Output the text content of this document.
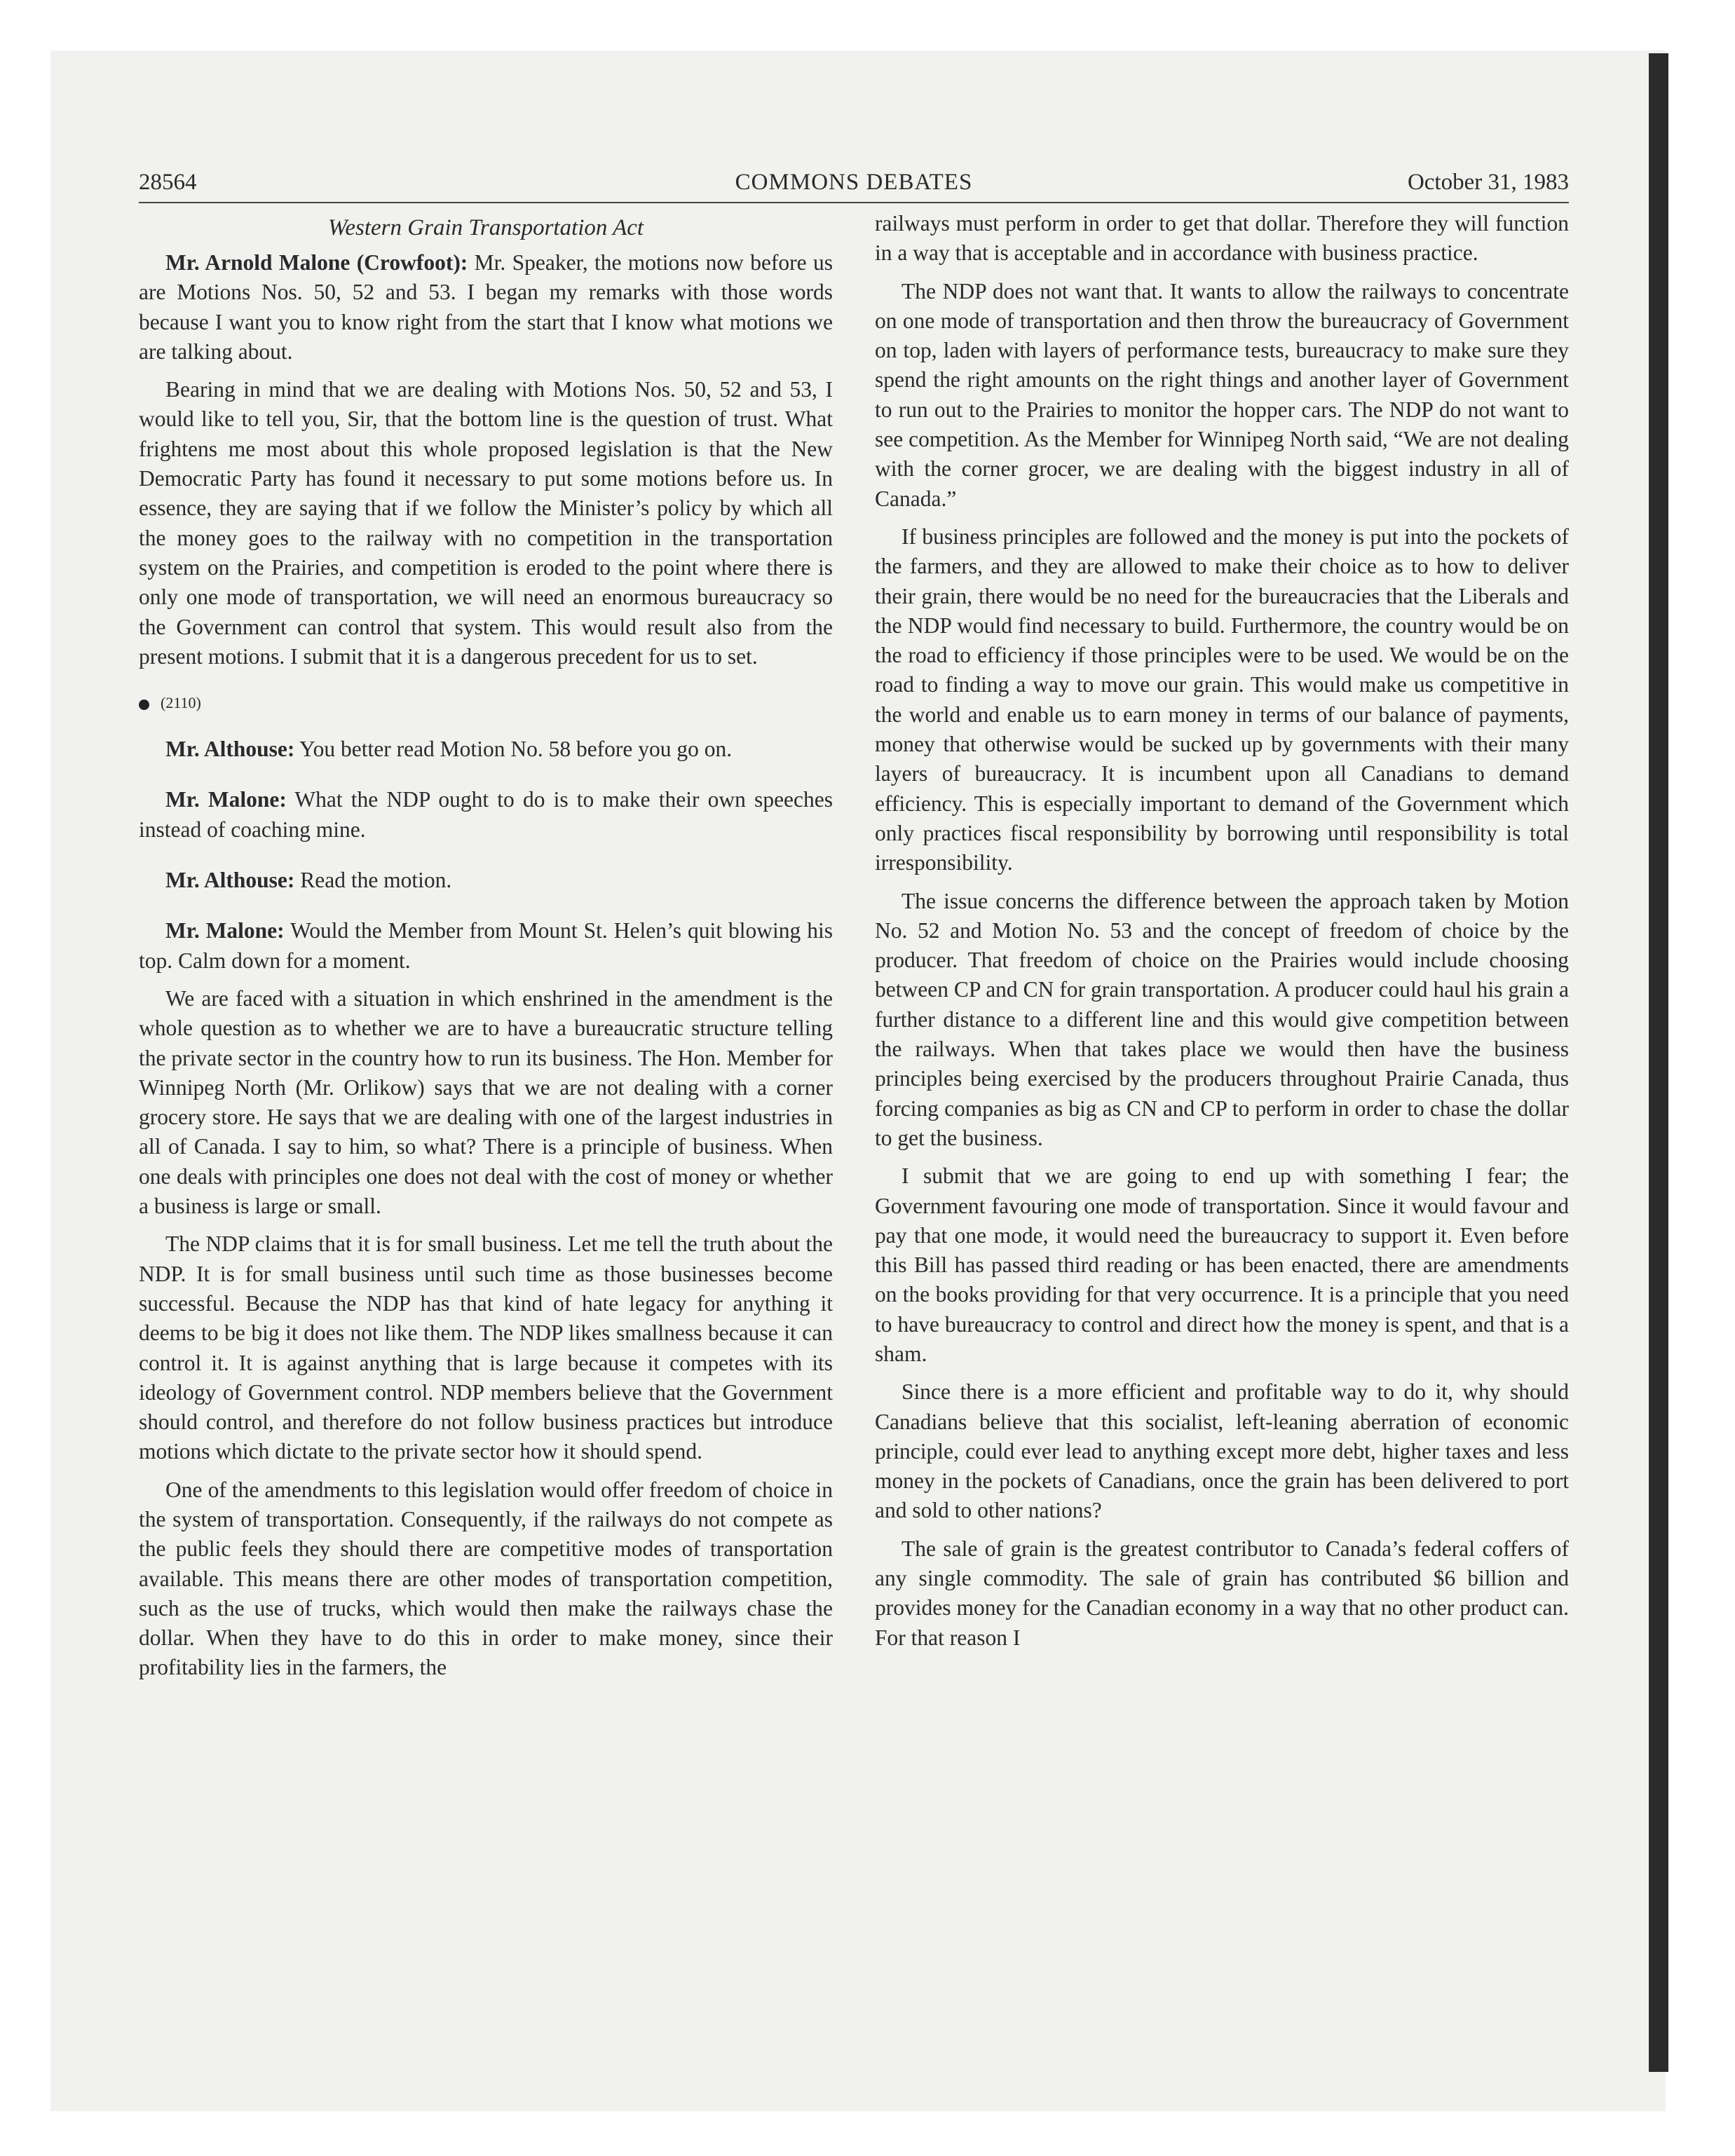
28564	COMMONS DEBATES	October 31, 1983
Western Grain Transportation Act

Mr. Arnold Malone (Crowfoot): Mr. Speaker, the motions now before us are Motions Nos. 50, 52 and 53. I began my remarks with those words because I want you to know right from the start that I know what motions we are talking about.

Bearing in mind that we are dealing with Motions Nos. 50, 52 and 53, I would like to tell you, Sir, that the bottom line is the question of trust. What frightens me most about this whole proposed legislation is that the New Democratic Party has found it necessary to put some motions before us. In essence, they are saying that if we follow the Minister’s policy by which all the money goes to the railway with no competition in the transportation system on the Prairies, and competition is eroded to the point where there is only one mode of transportation, we will need an enormous bureaucracy so the Government can control that system. This would result also from the present motions. I submit that it is a dangerous precedent for us to set.

(2110)

Mr. Althouse: You better read Motion No. 58 before you go on.

Mr. Malone: What the NDP ought to do is to make their own speeches instead of coaching mine.

Mr. Althouse: Read the motion.

Mr. Malone: Would the Member from Mount St. Helen’s quit blowing his top. Calm down for a moment.

We are faced with a situation in which enshrined in the amendment is the whole question as to whether we are to have a bureaucratic structure telling the private sector in the country how to run its business. The Hon. Member for Winnipeg North (Mr. Orlikow) says that we are not dealing with a corner grocery store. He says that we are dealing with one of the largest industries in all of Canada. I say to him, so what? There is a principle of business. When one deals with principles one does not deal with the cost of money or whether a business is large or small.

The NDP claims that it is for small business. Let me tell the truth about the NDP. It is for small business until such time as those businesses become successful. Because the NDP has that kind of hate legacy for anything it deems to be big it does not like them. The NDP likes smallness because it can control it. It is against anything that is large because it competes with its ideology of Government control. NDP members believe that the Government should control, and therefore do not follow business practices but introduce motions which dictate to the private sector how it should spend.

One of the amendments to this legislation would offer freedom of choice in the system of transportation. Consequently, if the railways do not compete as the public feels they should there are competitive modes of transportation available. This means there are other modes of transportation competition, such as the use of trucks, which would then make the railways chase the dollar. When they have to do this in order to make money, since their profitability lies in the farmers, the

railways must perform in order to get that dollar. Therefore they will function in a way that is acceptable and in accordance with business practice.

The NDP does not want that. It wants to allow the railways to concentrate on one mode of transportation and then throw the bureaucracy of Government on top, laden with layers of performance tests, bureaucracy to make sure they spend the right amounts on the right things and another layer of Government to run out to the Prairies to monitor the hopper cars. The NDP do not want to see competition. As the Member for Winnipeg North said, “We are not dealing with the corner grocer, we are dealing with the biggest industry in all of Canada.”

If business principles are followed and the money is put into the pockets of the farmers, and they are allowed to make their choice as to how to deliver their grain, there would be no need for the bureaucracies that the Liberals and the NDP would find necessary to build. Furthermore, the country would be on the road to efficiency if those principles were to be used. We would be on the road to finding a way to move our grain. This would make us competitive in the world and enable us to earn money in terms of our balance of payments, money that otherwise would be sucked up by governments with their many layers of bureaucracy. It is incumbent upon all Canadians to demand efficiency. This is especially important to demand of the Government which only practices fiscal responsibility by borrowing until responsibility is total irresponsibility.

The issue concerns the difference between the approach taken by Motion No. 52 and Motion No. 53 and the concept of freedom of choice by the producer. That freedom of choice on the Prairies would include choosing between CP and CN for grain transportation. A producer could haul his grain a further distance to a different line and this would give competition between the railways. When that takes place we would then have the business principles being exercised by the producers throughout Prairie Canada, thus forcing companies as big as CN and CP to perform in order to chase the dollar to get the business.

I submit that we are going to end up with something I fear; the Government favouring one mode of transportation. Since it would favour and pay that one mode, it would need the bureaucracy to support it. Even before this Bill has passed third reading or has been enacted, there are amendments on the books providing for that very occurrence. It is a principle that you need to have bureaucracy to control and direct how the money is spent, and that is a sham.

Since there is a more efficient and profitable way to do it, why should Canadians believe that this socialist, left-leaning aberration of economic principle, could ever lead to anything except more debt, higher taxes and less money in the pockets of Canadians, once the grain has been delivered to port and sold to other nations?

The sale of grain is the greatest contributor to Canada’s federal coffers of any single commodity. The sale of grain has contributed $6 billion and provides money for the Canadian economy in a way that no other product can. For that reason I
